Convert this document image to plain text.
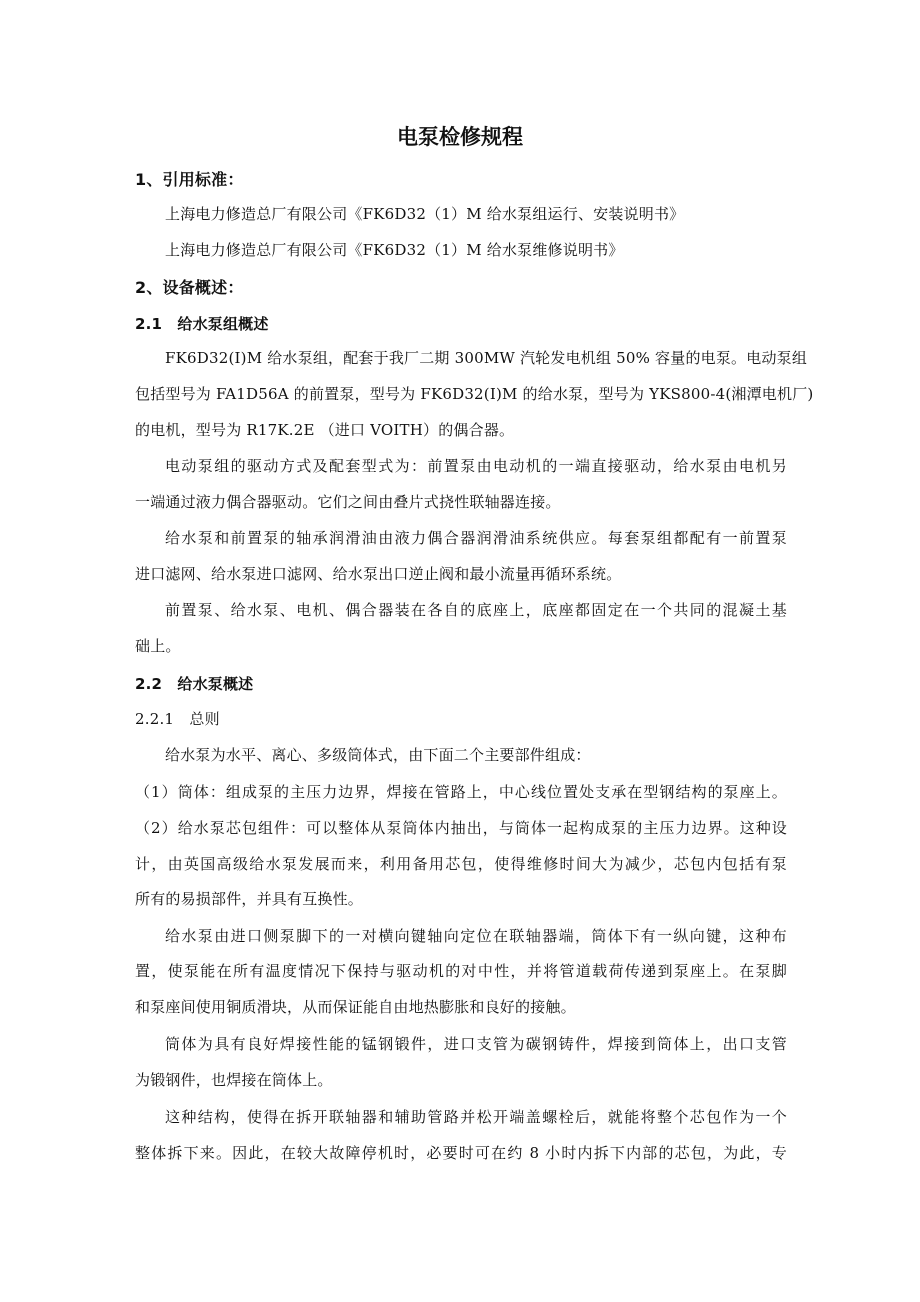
电泵检修规程
1、引用标准：
上海电力修造总厂有限公司《FK6D32（1）M 给水泵组运行、安装说明书》
上海电力修造总厂有限公司《FK6D32（1）M 给水泵维修说明书》
2、设备概述：
2.1　给水泵组概述
FK6D32(I)M 给水泵组，配套于我厂二期 300MW 汽轮发电机组 50% 容量的电泵。电动泵组
包括型号为 FA1D56A 的前置泵，型号为 FK6D32(I)M 的给水泵，型号为 YKS800-4(湘潭电机厂)
的电机，型号为 R17K.2E （进口 VOITH）的偶合器。
电动泵组的驱动方式及配套型式为：前置泵由电动机的一端直接驱动，给水泵由电机另
一端通过液力偶合器驱动。它们之间由叠片式挠性联轴器连接。
给水泵和前置泵的轴承润滑油由液力偶合器润滑油系统供应。每套泵组都配有一前置泵
进口滤网、给水泵进口滤网、给水泵出口逆止阀和最小流量再循环系统。
前置泵、给水泵、电机、偶合器装在各自的底座上，底座都固定在一个共同的混凝土基
础上。
2.2　给水泵概述
2.2.1　总则
给水泵为水平、离心、多级筒体式，由下面二个主要部件组成：
（1）筒体：组成泵的主压力边界，焊接在管路上，中心线位置处支承在型钢结构的泵座上。
（2）给水泵芯包组件：可以整体从泵筒体内抽出，与筒体一起构成泵的主压力边界。这种设
计，由英国高级给水泵发展而来，利用备用芯包，使得维修时间大为减少，芯包内包括有泵
所有的易损部件，并具有互换性。
给水泵由进口侧泵脚下的一对横向键轴向定位在联轴器端，筒体下有一纵向键，这种布
置，使泵能在所有温度情况下保持与驱动机的对中性，并将管道载荷传递到泵座上。在泵脚
和泵座间使用铜质滑块，从而保证能自由地热膨胀和良好的接触。
筒体为具有良好焊接性能的锰钢锻件，进口支管为碳钢铸件，焊接到筒体上，出口支管
为锻钢件，也焊接在筒体上。
这种结构，使得在拆开联轴器和辅助管路并松开端盖螺栓后，就能将整个芯包作为一个
整体拆下来。因此，在较大故障停机时，必要时可在约 8 小时内拆下内部的芯包，为此，专
